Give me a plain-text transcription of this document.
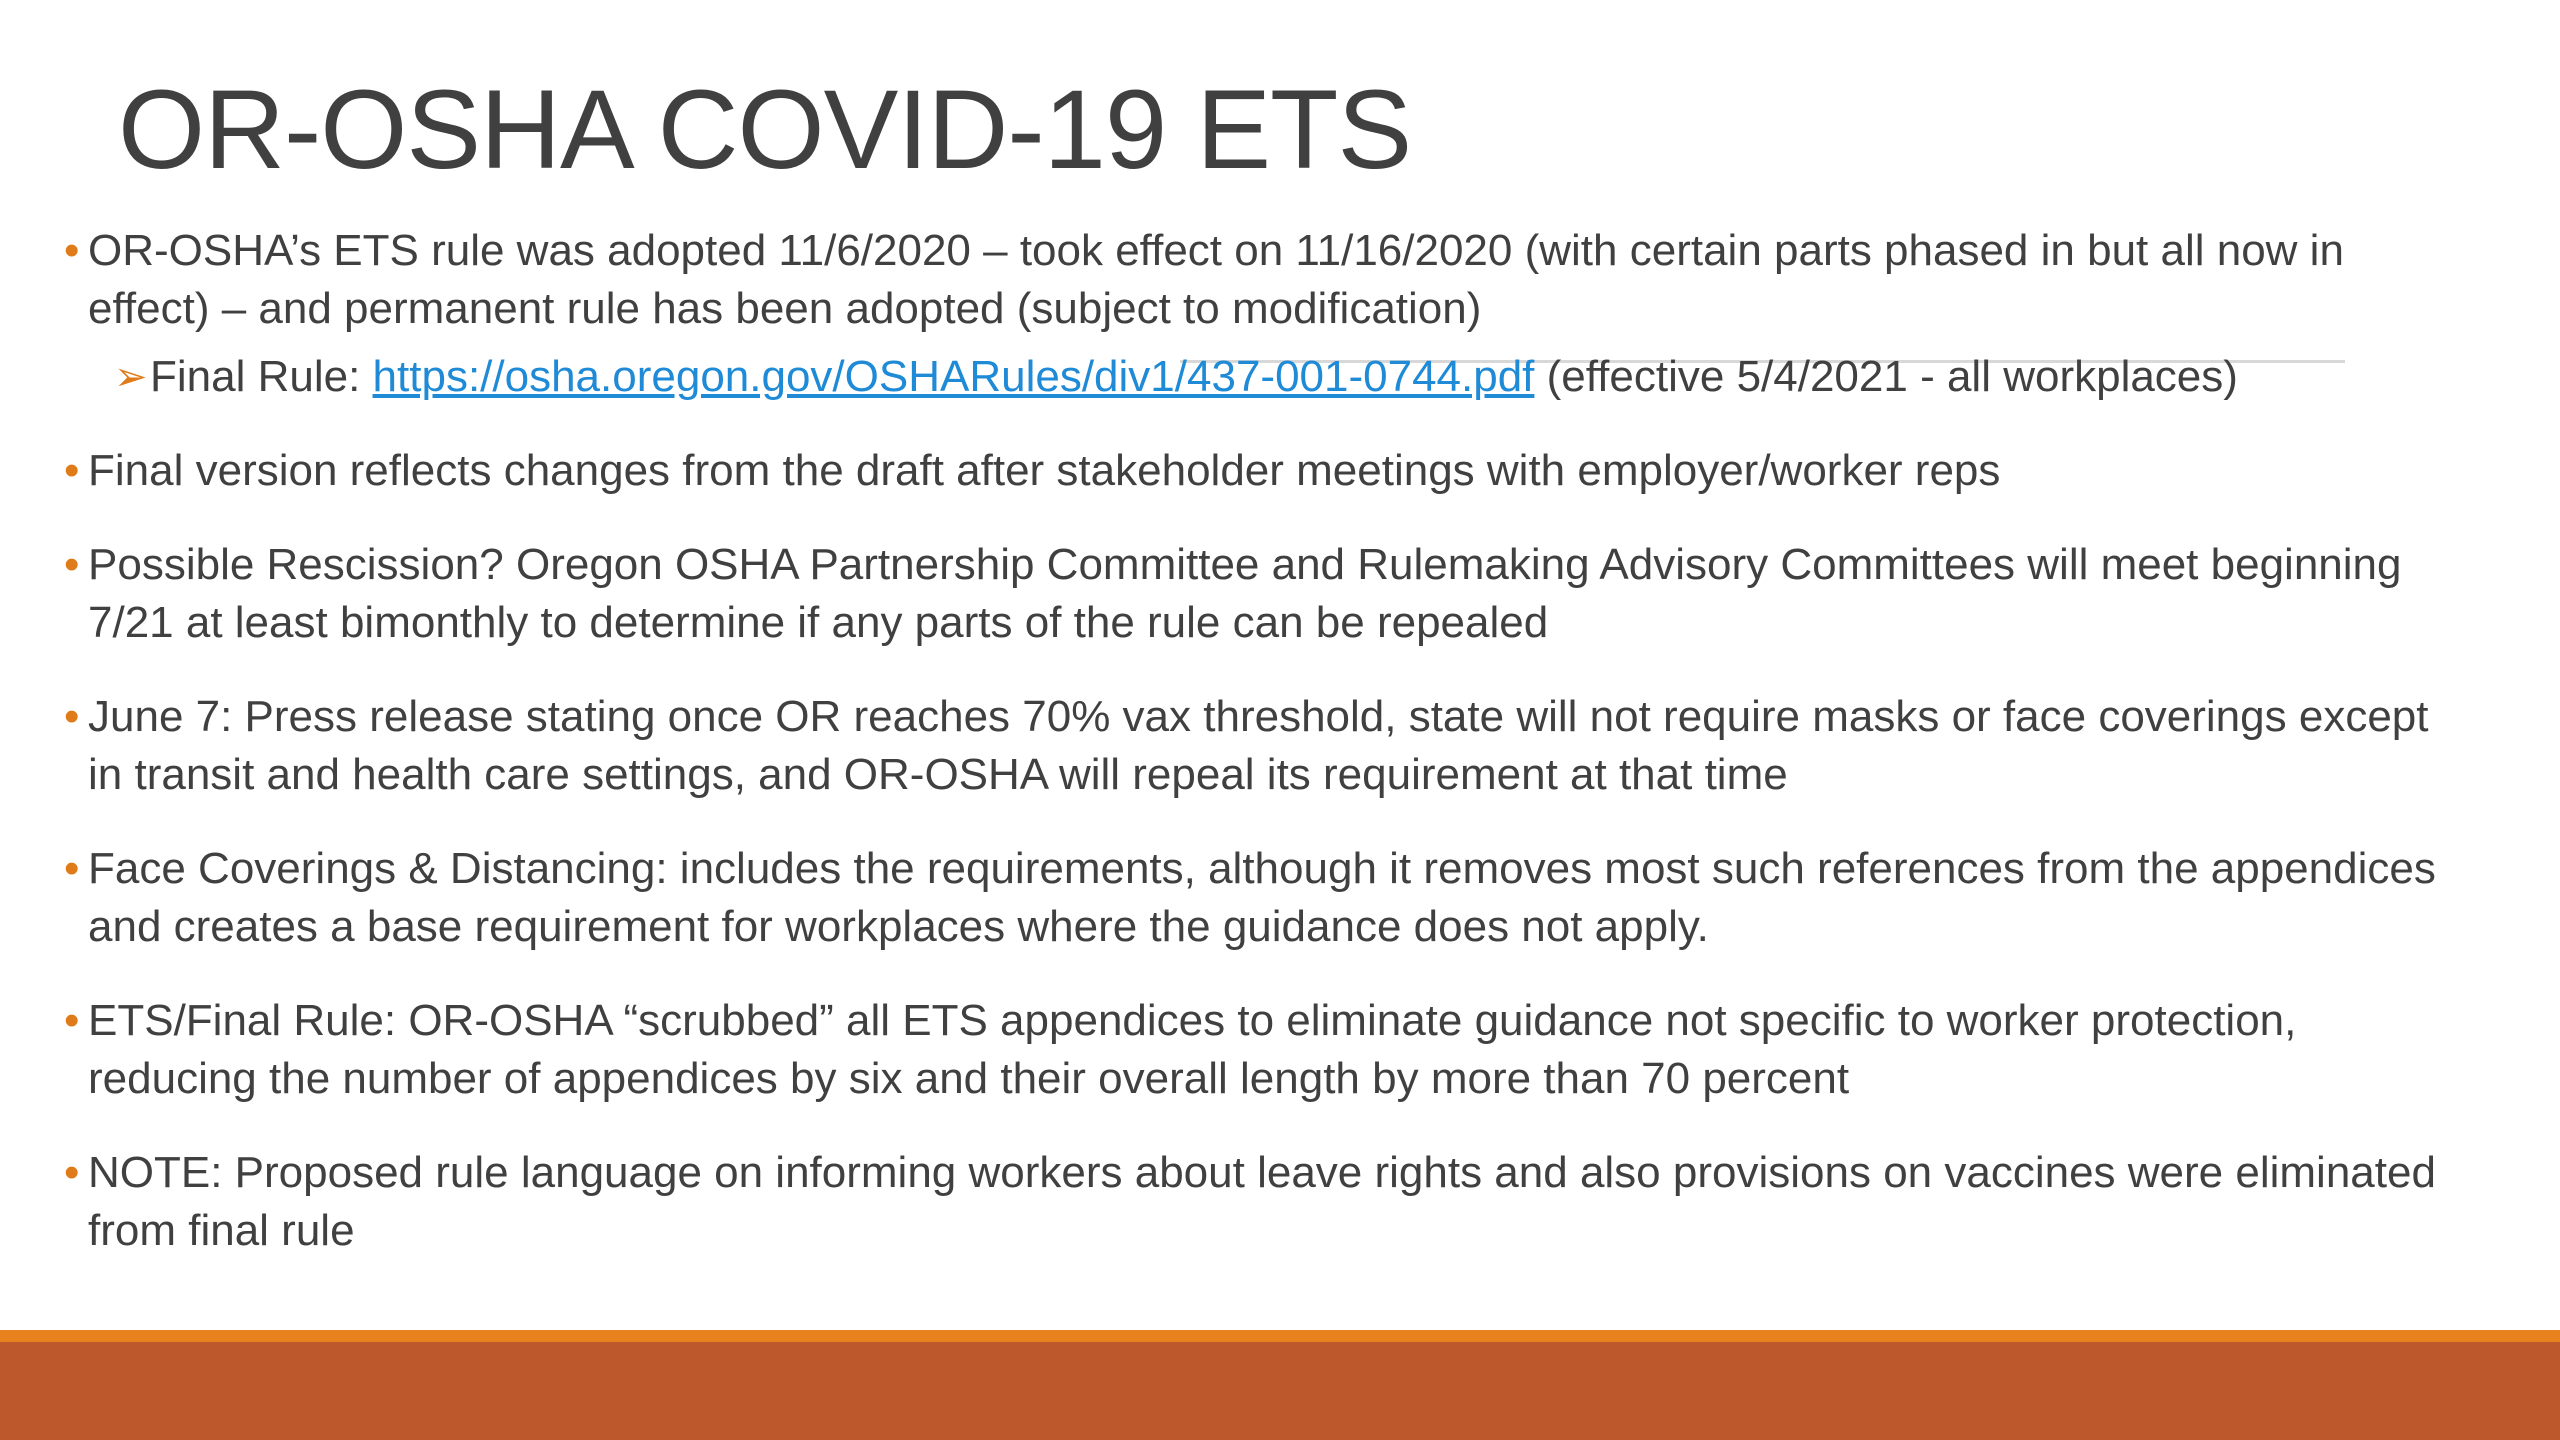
OR-OSHA COVID-19 ETS
• OR-OSHA’s ETS rule was adopted 11/6/2020 – took effect on 11/16/2020 (with certain parts phased in but all now in effect) – and permanent rule has been adopted (subject to modification)
➢ Final Rule: https://osha.oregon.gov/OSHARules/div1/437-001-0744.pdf (effective 5/4/2021 - all workplaces)
• Final version reflects changes from the draft after stakeholder meetings with employer/worker reps
• Possible Rescission? Oregon OSHA Partnership Committee and Rulemaking Advisory Committees will meet beginning 7/21 at least bimonthly to determine if any parts of the rule can be repealed
• June 7: Press release stating once OR reaches 70% vax threshold, state will not require masks or face coverings except in transit and health care settings, and OR-OSHA will repeal its requirement at that time
• Face Coverings & Distancing: includes the requirements, although it removes most such references from the appendices and creates a base requirement for workplaces where the guidance does not apply.
• ETS/Final Rule: OR-OSHA “scrubbed” all ETS appendices to eliminate guidance not specific to worker protection, reducing the number of appendices by six and their overall length by more than 70 percent
• NOTE: Proposed rule language on informing workers about leave rights and also provisions on vaccines were eliminated from final rule
